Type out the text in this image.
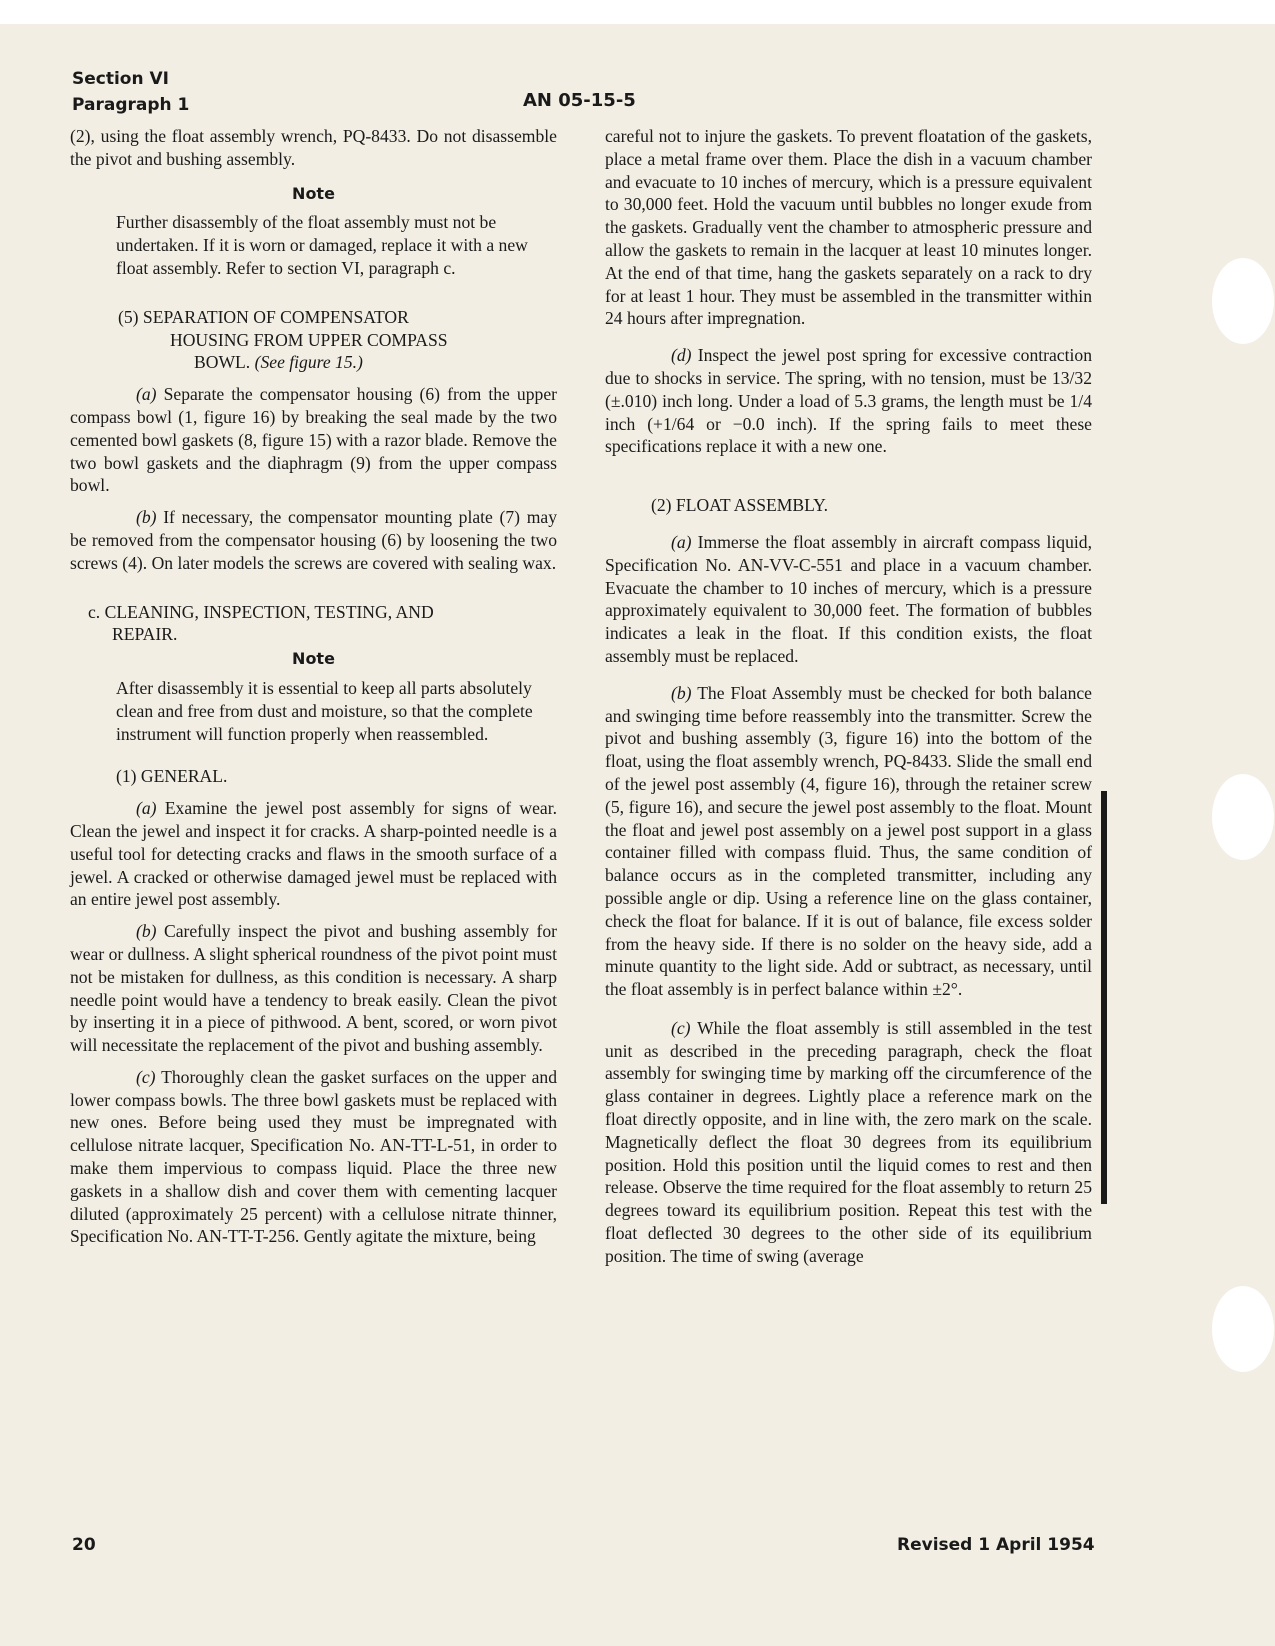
Section VI
Paragraph 1	AN 05-15-5

(2), using the float assembly wrench, PQ-8433. Do not disassemble the pivot and bushing assembly.

Note

Further disassembly of the float assembly must not be undertaken. If it is worn or damaged, replace it with a new float assembly. Refer to section VI, paragraph c.

(5) SEPARATION OF COMPENSATOR
HOUSING FROM UPPER COMPASS
BOWL. (See figure 15.)

(a) Separate the compensator housing (6) from the upper compass bowl (1, figure 16) by breaking the seal made by the two cemented bowl gaskets (8, figure 15) with a razor blade. Remove the two bowl gaskets and the diaphragm (9) from the upper compass bowl.

(b) If necessary, the compensator mounting plate (7) may be removed from the compensator housing (6) by loosening the two screws (4). On later models the screws are covered with sealing wax.

c. CLEANING, INSPECTION, TESTING, AND
REPAIR.
Note

After disassembly it is essential to keep all parts absolutely clean and free from dust and moisture, so that the complete instrument will function properly when reassembled.

(1) GENERAL.

(a) Examine the jewel post assembly for signs of wear. Clean the jewel and inspect it for cracks. A sharp-pointed needle is a useful tool for detecting cracks and flaws in the smooth surface of a jewel. A cracked or otherwise damaged jewel must be replaced with an entire jewel post assembly.

(b) Carefully inspect the pivot and bushing assembly for wear or dullness. A slight spherical roundness of the pivot point must not be mistaken for dullness, as this condition is necessary. A sharp needle point would have a tendency to break easily. Clean the pivot by inserting it in a piece of pithwood. A bent, scored, or worn pivot will necessitate the replacement of the pivot and bushing assembly.

(c) Thoroughly clean the gasket surfaces on the upper and lower compass bowls. The three bowl gaskets must be replaced with new ones. Before being used they must be impregnated with cellulose nitrate lacquer, Specification No. AN-TT-L-51, in order to make them impervious to compass liquid. Place the three new gaskets in a shallow dish and cover them with cementing lacquer diluted (approximately 25 percent) with a cellulose nitrate thinner, Specification No. AN-TT-T-256. Gently agitate the mixture, being

careful not to injure the gaskets. To prevent floatation of the gaskets, place a metal frame over them. Place the dish in a vacuum chamber and evacuate to 10 inches of mercury, which is a pressure equivalent to 30,000 feet. Hold the vacuum until bubbles no longer exude from the gaskets. Gradually vent the chamber to atmospheric pressure and allow the gaskets to remain in the lacquer at least 10 minutes longer. At the end of that time, hang the gaskets separately on a rack to dry for at least 1 hour. They must be assembled in the transmitter within 24 hours after impregnation.

(d) Inspect the jewel post spring for excessive contraction due to shocks in service. The spring, with no tension, must be 13/32 (±.010) inch long. Under a load of 5.3 grams, the length must be 1/4 inch (+1/64 or −0.0 inch). If the spring fails to meet these specifications replace it with a new one.

(2) FLOAT ASSEMBLY.

(a) Immerse the float assembly in aircraft compass liquid, Specification No. AN-VV-C-551 and place in a vacuum chamber. Evacuate the chamber to 10 inches of mercury, which is a pressure approximately equivalent to 30,000 feet. The formation of bubbles indicates a leak in the float. If this condition exists, the float assembly must be replaced.

(b) The Float Assembly must be checked for both balance and swinging time before reassembly into the transmitter. Screw the pivot and bushing assembly (3, figure 16) into the bottom of the float, using the float assembly wrench, PQ-8433. Slide the small end of the jewel post assembly (4, figure 16), through the retainer screw (5, figure 16), and secure the jewel post assembly to the float. Mount the float and jewel post assembly on a jewel post support in a glass container filled with compass fluid. Thus, the same condition of balance occurs as in the completed transmitter, including any possible angle or dip. Using a reference line on the glass container, check the float for balance. If it is out of balance, file excess solder from the heavy side. If there is no solder on the heavy side, add a minute quantity to the light side. Add or subtract, as necessary, until the float assembly is in perfect balance within ±2°.

(c) While the float assembly is still assembled in the test unit as described in the preceding paragraph, check the float assembly for swinging time by marking off the circumference of the glass container in degrees. Lightly place a reference mark on the float directly opposite, and in line with, the zero mark on the scale. Magnetically deflect the float 30 degrees from its equilibrium position. Hold this position until the liquid comes to rest and then release. Observe the time required for the float assembly to return 25 degrees toward its equilibrium position. Repeat this test with the float deflected 30 degrees to the other side of its equilibrium position. The time of swing (average

20	Revised 1 April 1954
